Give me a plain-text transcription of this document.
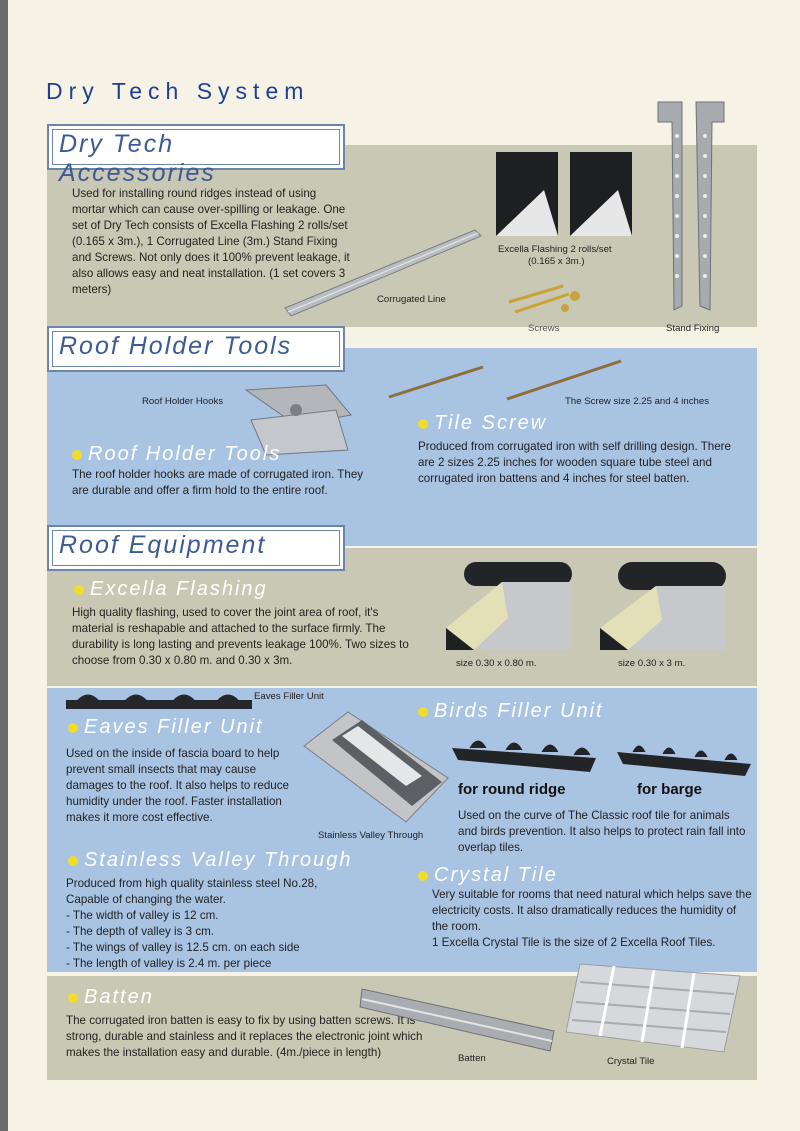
Dry Tech System
Dry Tech Accessories
Used for installing round ridges instead of using mortar which can cause over-spilling or leakage. One set of Dry Tech consists of Excella Flashing 2 rolls/set (0.165 x 3m.), 1 Corrugated Line (3m.) Stand Fixing and Screws. Not only does it 100% prevent leakage, it also allows easy and neat installation. (1 set covers 3 meters)
Corrugated Line
Excella Flashing 2 rolls/set
(0.165 x 3m.)
Screws	Stand Fixing
Roof Holder Tools
Roof Holder Hooks	The Screw size 2.25 and 4 inches
Roof Holder Tools
The roof holder hooks are made of corrugated iron. They are durable and offer a firm hold to the entire roof.
Tile Screw
Produced from corrugated iron with self drilling design. There are 2 sizes 2.25 inches for wooden square tube steel and corrugated iron battens and 4 inches for steel batten.
Roof Equipment
Excella Flashing
High quality flashing, used to cover the joint area of roof, it's material is reshapable and attached to the surface firmly. The durability is long lasting and prevents leakage 100%. Two sizes to choose from 0.30 x 0.80 m. and 0.30 x 3m.	size 0.30 x 0.80 m.	size 0.30 x 3 m.
Eaves Filler Unit
Eaves Filler Unit
Used on the inside of fascia board to help prevent small insects that may cause damages to the roof. It also helps to reduce humidity under the roof. Faster installation makes it more cost effective.
Stainless Valley Through
Birds Filler Unit
for round ridge	for barge
Used on the curve of The Classic roof tile for animals and birds prevention. It also helps to protect rain fall into overlap tiles.
Stainless Valley Through
Produced from high quality stainless steel No.28, Capable of changing the water.
- The width of valley is 12 cm.
- The depth of valley is 3 cm.
- The wings of valley is 12.5 cm. on each side
- The length of valley is 2.4 m. per piece
Crystal Tile
Very suitable for rooms that need natural which helps save the electricity costs. It also dramatically reduces the humidity of the room.
1 Excella Crystal Tile is the size of 2 Excella Roof Tiles.
Batten
The corrugated iron batten is easy to fix by using batten screws. It is strong, durable and stainless and it replaces the electronic joint which makes the installation easy and durable. (4m./piece in length)	Batten	Crystal Tile
